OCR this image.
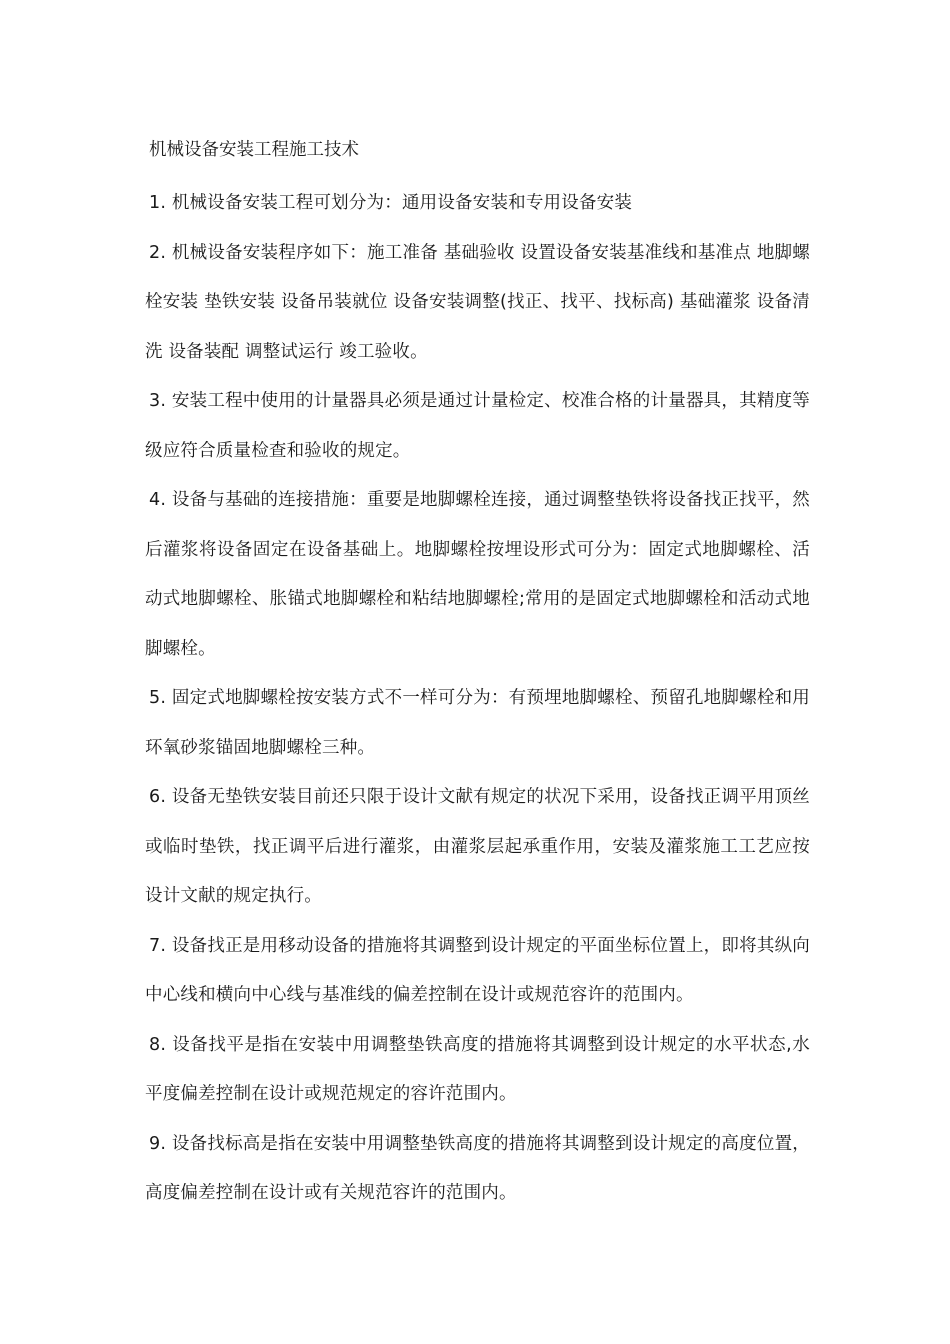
机械设备安装工程施工技术

1. 机械设备安装工程可划分为：通用设备安装和专用设备安装

2. 机械设备安装程序如下：施工准备 基础验收 设置设备安装基准线和基准点 地脚螺栓安装 垫铁安装 设备吊装就位 设备安装调整(找正、找平、找标高) 基础灌浆 设备清洗 设备装配 调整试运行 竣工验收。

3. 安装工程中使用的计量器具必须是通过计量检定、校准合格的计量器具，其精度等级应符合质量检查和验收的规定。

4. 设备与基础的连接措施：重要是地脚螺栓连接，通过调整垫铁将设备找正找平，然后灌浆将设备固定在设备基础上。地脚螺栓按埋设形式可分为：固定式地脚螺栓、活动式地脚螺栓、胀锚式地脚螺栓和粘结地脚螺栓;常用的是固定式地脚螺栓和活动式地脚螺栓。

5. 固定式地脚螺栓按安装方式不一样可分为：有预埋地脚螺栓、预留孔地脚螺栓和用环氧砂浆锚固地脚螺栓三种。

6. 设备无垫铁安装目前还只限于设计文献有规定的状况下采用，设备找正调平用顶丝或临时垫铁，找正调平后进行灌浆，由灌浆层起承重作用，安装及灌浆施工工艺应按设计文献的规定执行。

7. 设备找正是用移动设备的措施将其调整到设计规定的平面坐标位置上，即将其纵向中心线和横向中心线与基准线的偏差控制在设计或规范容许的范围内。

8. 设备找平是指在安装中用调整垫铁高度的措施将其调整到设计规定的水平状态,水平度偏差控制在设计或规范规定的容许范围内。

9. 设备找标高是指在安装中用调整垫铁高度的措施将其调整到设计规定的高度位置，高度偏差控制在设计或有关规范容许的范围内。
